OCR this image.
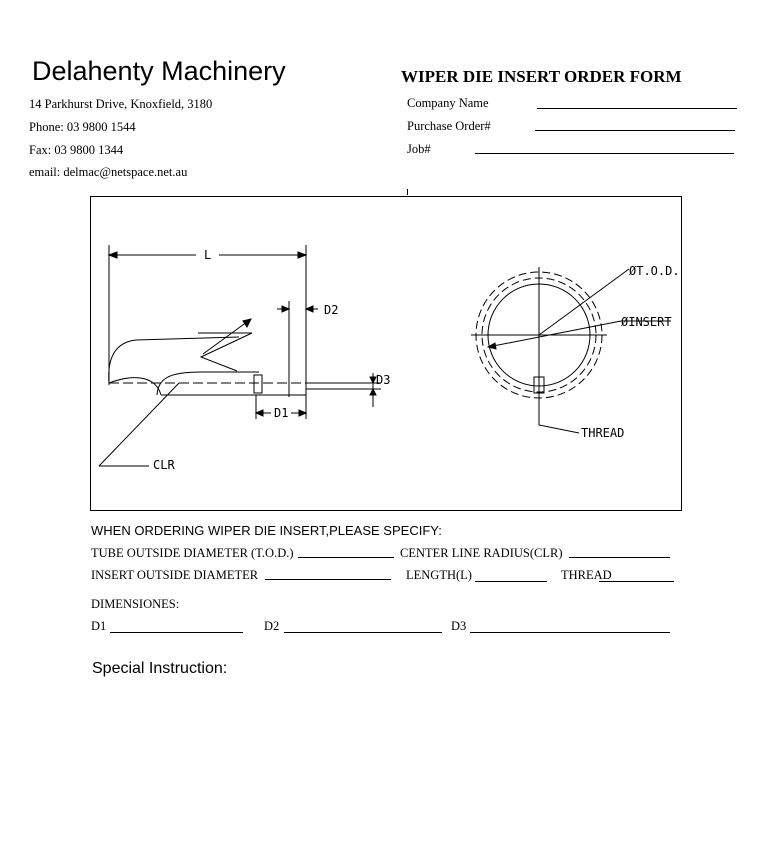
Delahenty Machinery
14 Parkhurst Drive, Knoxfield, 3180
Phone: 03 9800 1544
Fax: 03 9800 1344
email: delmac@netspace.net.au
WIPER DIE INSERT ORDER FORM
Company Name
Purchase Order#
Job#
L
D2
D3
D1
CLR
ØT.O.D.
ØINSERT
THREAD
WHEN ORDERING WIPER DIE INSERT,PLEASE SPECIFY:
TUBE OUTSIDE DIAMETER (T.O.D.)	CENTER LINE RADIUS(CLR)
INSERT OUTSIDE DIAMETER	LENGTH(L)	THREAD
DIMENSIONES:
D1	D2	D3
Special Instruction:
